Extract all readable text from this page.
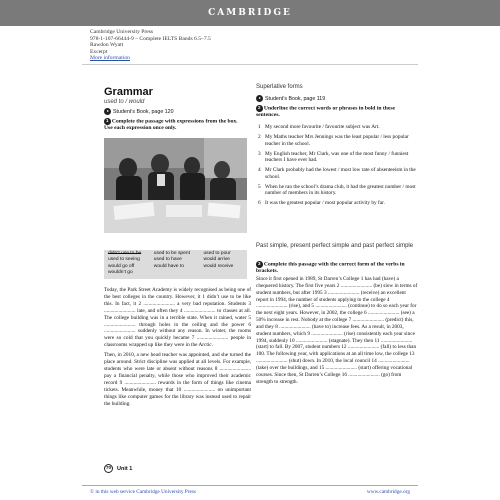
CAMBRIDGE
Cambridge University Press
978-1-107-66444-9 – Complete IELTS Bands 6.5–7.5
Rawdon Wyatt
Excerpt
More information
Grammar
used to / would
Student’s Book, page 120
1 Complete the passage with expressions from the box. Use each expression once only.
didn’t use to be	used to be spent	used to pour
used to seeing	used to have	would arrive
would go off	would have to	would receive
wouldn’t go		

Today, the Park Street Academy is widely recognised as being one of the best colleges in the country. However, it 1 didn’t use to be like this. In fact, it 2 ........................ a very bad reputation. Students 3 ........................ late, and often they 4 ........................ to classes at all. The college building was in a terrible state. When it rained, water 5 ........................ through holes in the ceiling and the power 6 ........................ suddenly without any reason. In winter, the rooms were so cold that you quickly became 7 ........................ people in classrooms wrapped up like they were in the Arctic.

Then, in 2010, a new head teacher was appointed, and she turned the place around. Strict discipline was applied at all levels. For example, students who were late or absent without reasons 8 ........................ pay a financial penalty, while those who improved their academic record 9 ........................ rewards in the form of things like cinema tickets. Meanwhile, money that 10 ........................ on unimportant things like computer games for the library was instead used to repair the building.

Superlative forms
Student’s Book, page 119
2 Underline the correct words or phrases in bold in these sentences.
1 My second more favourite / favourite subject was Art.
2 My Maths teacher Mrs Jennings was the least popular / less popular teacher in the school.
3 My English teacher, Mr Clark, was one of the most funny / funniest teachers I have ever had.
4 Mr Clark probably had the lowest / most low rate of absenteeism in the school.
5 When he ran the school’s drama club, it had the greatest number / most number of members in its history.
6 It was the greatest popular / most popular activity by far.
Past simple, present perfect simple and past perfect simple
3 Complete this passage with the correct form of the verbs in brackets.
Since it first opened in 1989, St Darren’s College 1 has had (have) a chequered history. The first five years 2 ........................ (be) slow in terms of student numbers, but after 1995 3 ........................ (receive) an excellent report in 1994, the number of students applying to the college 4 ........................ (rise), and 5 ........................ (continue) to do so each year for the next eight years. However, in 2002, the college 6 ........................ (see) a 50% increase in rest. Nobody at the college 7 ........................ (predict) this, and they 8 ........................ (have to) increase fees. As a result, in 2003, student numbers, which 9 ........................ (rise) consistently each year since 1994, suddenly 10 ........................ (stagnate). They then 11 ........................ (start) to fall. By 2007, student numbers 12 ........................ (fall) to less than 100. The following year, with applications at an all time low, the college 13 ........................ (shut) down. In 2010, the local council 14 ........................ (take) over the buildings, and 15 ........................ (start) offering vocational courses. Since then, St Darren’s College 16 ........................ (go) from strength to strength.
70	Unit 1
© in this web service Cambridge University Press	www.cambridge.org
